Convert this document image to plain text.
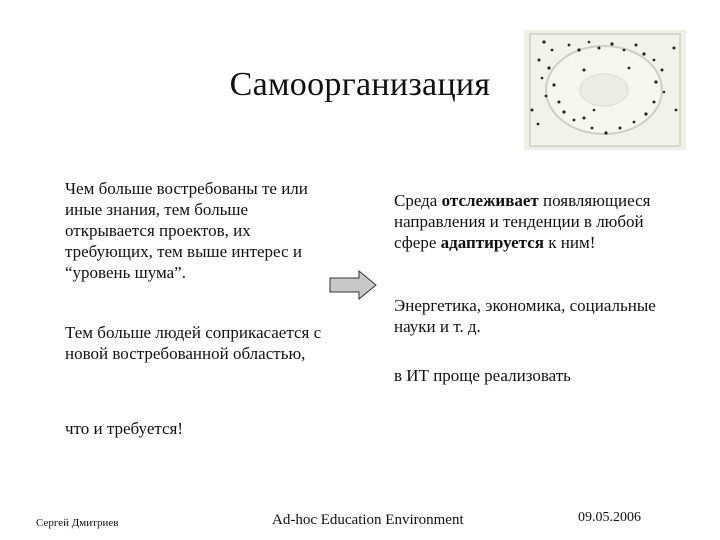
Самоорганизация
Чем больше востребованы те или иные знания, тем больше открывается проектов, их требующих, тем выше интерес и “уровень шума”.
Тем больше людей соприкасается с новой востребованной областью,
что и требуется!
Среда отслеживает появляющиеся направления и тенденции в любой сфере адаптируется к ним!
Энергетика, экономика, социальные науки и т. д.
в ИТ проще реализовать
Сергей Дмитриев	Ad-hoc Education Environment	09.05.2006
